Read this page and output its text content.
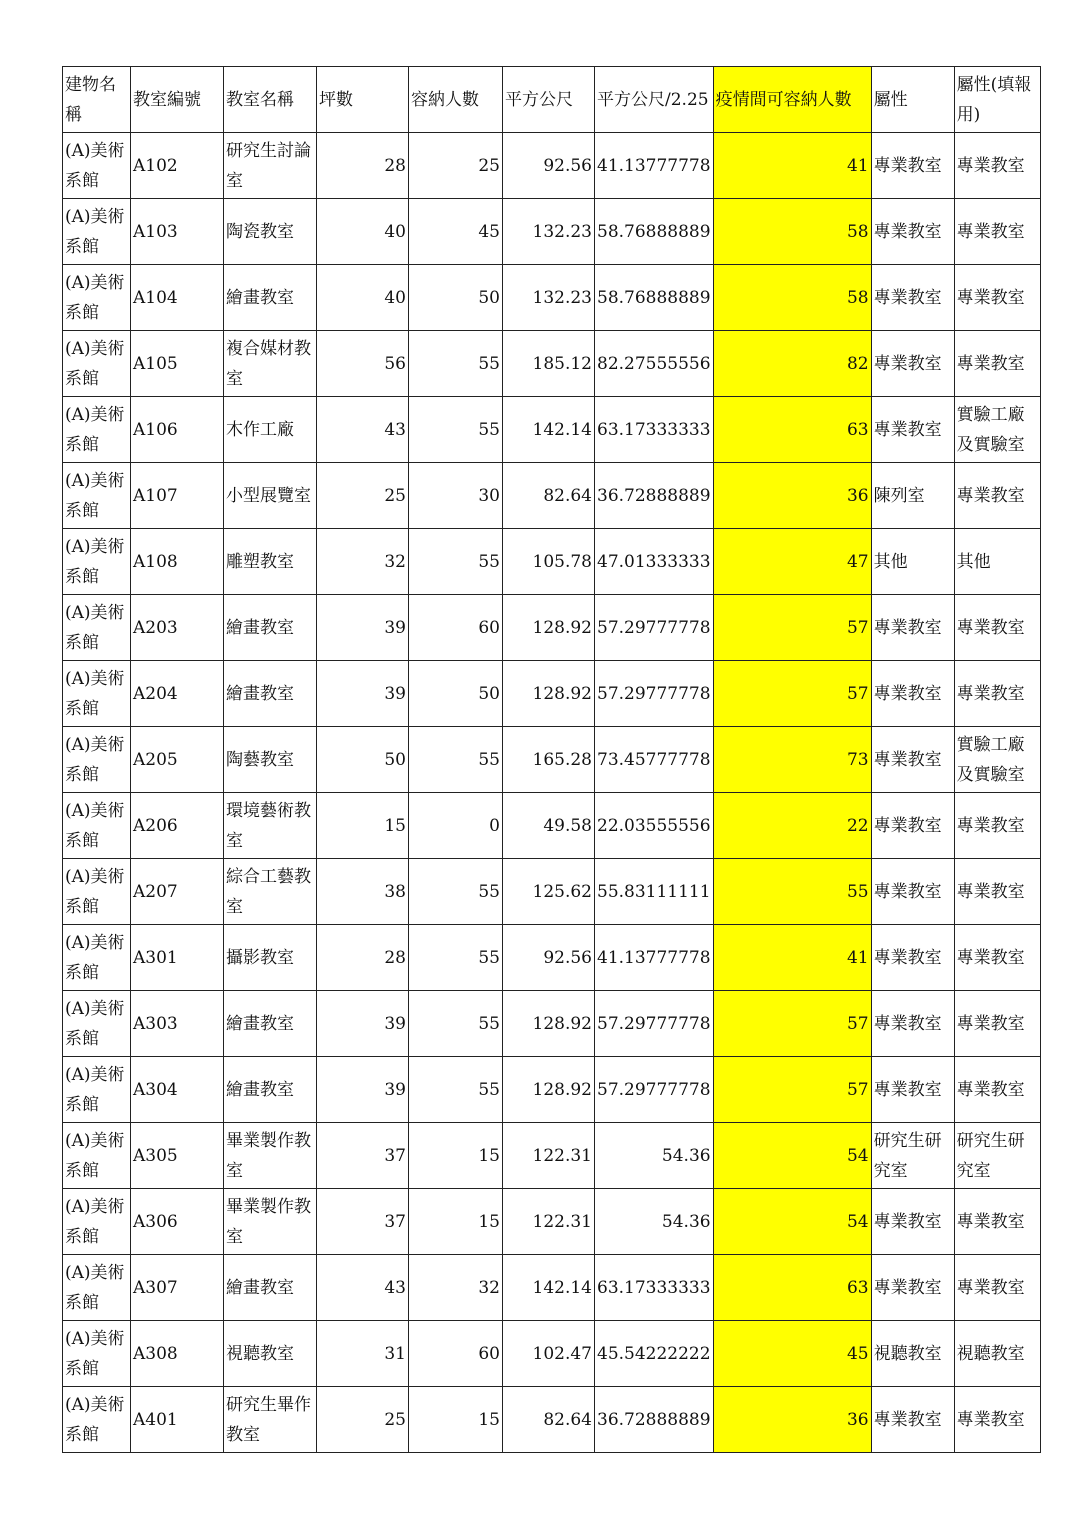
建物名稱	教室編號	教室名稱	坪數	容納人數	平方公尺	平方公尺/2.25	疫情間可容納人數	屬性	屬性(填報用)
(A)美術系館	A102	研究生討論室	28	25	92.56	41.13777778	41	專業教室	專業教室
(A)美術系館	A103	陶瓷教室	40	45	132.23	58.76888889	58	專業教室	專業教室
(A)美術系館	A104	繪畫教室	40	50	132.23	58.76888889	58	專業教室	專業教室
(A)美術系館	A105	複合媒材教室	56	55	185.12	82.27555556	82	專業教室	專業教室
(A)美術系館	A106	木作工廠	43	55	142.14	63.17333333	63	專業教室	實驗工廠及實驗室
(A)美術系館	A107	小型展覽室	25	30	82.64	36.72888889	36	陳列室	專業教室
(A)美術系館	A108	雕塑教室	32	55	105.78	47.01333333	47	其他	其他
(A)美術系館	A203	繪畫教室	39	60	128.92	57.29777778	57	專業教室	專業教室
(A)美術系館	A204	繪畫教室	39	50	128.92	57.29777778	57	專業教室	專業教室
(A)美術系館	A205	陶藝教室	50	55	165.28	73.45777778	73	專業教室	實驗工廠及實驗室
(A)美術系館	A206	環境藝術教室	15	0	49.58	22.03555556	22	專業教室	專業教室
(A)美術系館	A207	綜合工藝教室	38	55	125.62	55.83111111	55	專業教室	專業教室
(A)美術系館	A301	攝影教室	28	55	92.56	41.13777778	41	專業教室	專業教室
(A)美術系館	A303	繪畫教室	39	55	128.92	57.29777778	57	專業教室	專業教室
(A)美術系館	A304	繪畫教室	39	55	128.92	57.29777778	57	專業教室	專業教室
(A)美術系館	A305	畢業製作教室	37	15	122.31	54.36	54	研究生研究室	研究生研究室
(A)美術系館	A306	畢業製作教室	37	15	122.31	54.36	54	專業教室	專業教室
(A)美術系館	A307	繪畫教室	43	32	142.14	63.17333333	63	專業教室	專業教室
(A)美術系館	A308	視聽教室	31	60	102.47	45.54222222	45	視聽教室	視聽教室
(A)美術系館	A401	研究生畢作教室	25	15	82.64	36.72888889	36	專業教室	專業教室
